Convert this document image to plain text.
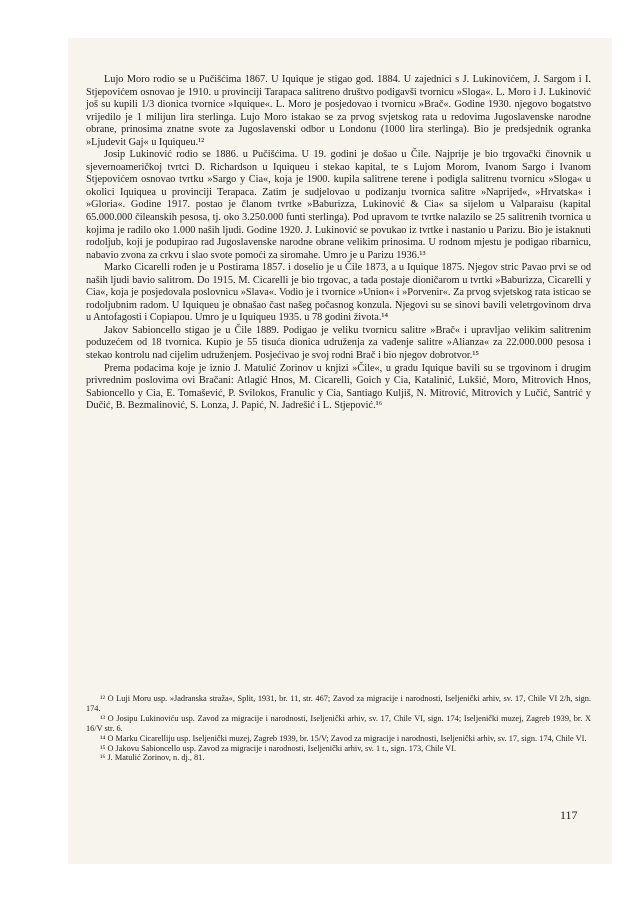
Lujo Moro rodio se u Pučišćima 1867. U Iquique je stigao god. 1884. U zajednici s J. Lukinovićem, J. Sargom i I. Stjepovićem osnovao je 1910. u provinciji Tarapaca salitreno društvo podigavši tvornicu »Sloga«. L. Moro i J. Lukinović još su kupili 1/3 dionica tvornice »Iquique«. L. Moro je posjedovao i tvornicu »Brač«. Godine 1930. njegovo bogatstvo vrijedilo je 1 milijun lira sterlinga. Lujo Moro istakao se za prvog svjetskog rata u redovima Jugoslavenske narodne obrane, prinosima znatne svote za Jugoslavenski odbor u Londonu (1000 lira sterlinga). Bio je predsjednik ogranka »Ljudevit Gaj« u Iquiqueu.¹²

Josip Lukinović rodio se 1886. u Pučišćima. U 19. godini je došao u Čile. Najprije je bio trgovački činovnik u sjevernoameričkoj tvrtci D. Richardson u Iquiqueu i stekao kapital, te s Lujom Morom, Ivanom Sargo i Ivanom Stjepovićem osnovao tvrtku »Sargo y Cia«, koja je 1900. kupila salitrene terene i podigla salitrenu tvornicu »Sloga« u okolici Iquiquea u provinciji Terapaca. Zatim je sudjelovao u podizanju tvornica salitre »Naprijed«, »Hrvatska« i »Gloria«. Godine 1917. postao je članom tvrtke »Baburizza, Lukinović & Cia« sa sijelom u Valparaisu (kapital 65.000.000 čileanskih pesosa, tj. oko 3.250.000 funti sterlinga). Pod upravom te tvrtke nalazilo se 25 salitrenih tvornica u kojima je radilo oko 1.000 naših ljudi. Godine 1920. J. Lukinović se povukao iz tvrtke i nastanio u Parizu. Bio je istaknuti rodoljub, koji je podupirao rad Jugoslavenske narodne obrane velikim prinosima. U rodnom mjestu je podigao ribarnicu, nabavio zvona za crkvu i slao svote pomoći za siromahe. Umro je u Parizu 1936.¹³

Marko Cicarelli rođen je u Postirama 1857. i doselio je u Čile 1873, a u Iquique 1875. Njegov stric Pavao prvi se od naših ljudi bavio salitrom. Do 1915. M. Cicarelli je bio trgovac, a tada postaje dioničarom u tvrtki »Baburizza, Cicarelli y Cia«, koja je posjedovala poslovnicu »Slava«. Vodio je i tvornice »Union« i »Porvenir«. Za prvog svjetskog rata isticao se rodoljubnim radom. U Iquiqueu je obnašao čast našeg počasnog konzula. Njegovi su se sinovi bavili veletrgovinom drva u Antofagosti i Copiapou. Umro je u Iquiqueu 1935. u 78 godini života.¹⁴

Jakov Sabioncello stigao je u Čile 1889. Podigao je veliku tvornicu salitre »Brač« i upravljao velikim salitrenim poduzećem od 18 tvornica. Kupio je 55 tisuća dionica udruženja za vađenje salitre »Alianza« za 22.000.000 pesosa i stekao kontrolu nad cijelim udruženjem. Posjećivao je svoj rodni Brač i bio njegov dobrotvor.¹⁵

Prema podacima koje je iznio J. Matulić Zorinov u knjizi »Čile«, u gradu Iquique bavili su se trgovinom i drugim privrednim poslovima ovi Bračani: Atlagić Hnos, M. Cicarelli, Goich y Cia, Katalinić, Lukšić, Moro, Mitrovich Hnos, Sabioncello y Cia, E. Tomašević, P. Svilokos, Franulic y Cia, Santiago Kuljiš, N. Mitrović, Mitrovich y Lučić, Santrić y Dučić, B. Bezmalinović, S. Lonza, J. Papić, N. Jadrešić i L. Stjepović.¹⁶

¹² O Luji Moru usp. »Jadranska straža«, Split, 1931, br. 11, str. 467; Zavod za migracije i narodnosti, Iseljenički arhiv, sv. 17, Chile VI 2/h, sign. 174.

¹³ O Josipu Lukinoviću usp. Zavod za migracije i narodnosti, Iseljenički arhiv, sv. 17, Chile VI, sign. 174; Iseljenički muzej, Zagreb 1939, br. X 16/V str. 6.

¹⁴ O Marku Cicarelliju usp. Iseljenički muzej, Zagreb 1939, br. 15/V; Zavod za migracije i narodnosti, Iseljenički arhiv, sv. 17, sign. 174, Chile VI.

¹⁵ O Jakovu Sabioncello usp. Zavod za migracije i narodnosti, Iseljenički arhiv, sv. 1 t., sign. 173, Chile VI.

¹⁶ J. Matulić Zorinov, n. dj., 81.

117
